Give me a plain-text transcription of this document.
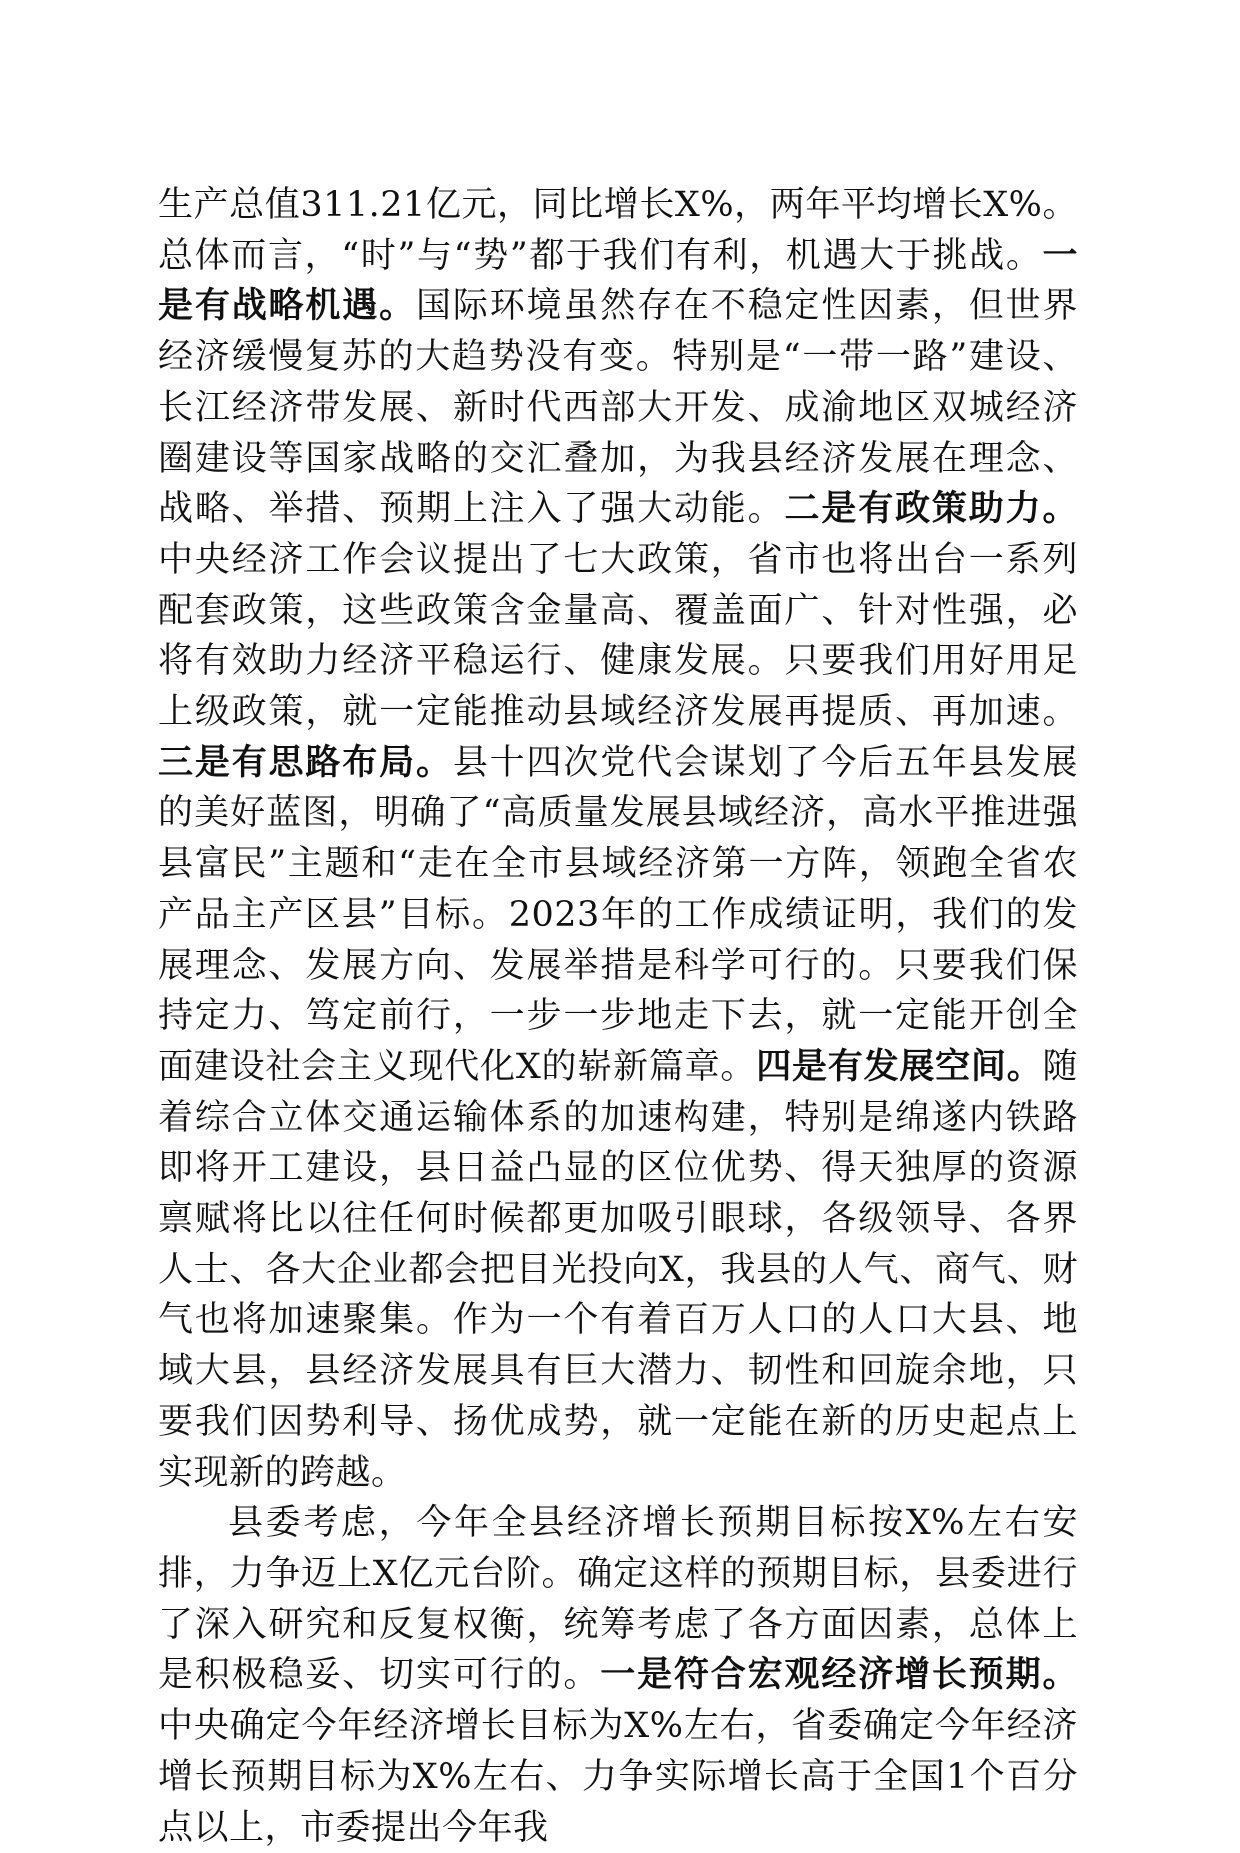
生产总值311.21亿元，同比增长X%，两年平均增长X%。总体而言，“时”与“势”都于我们有利，机遇大于挑战。一是有战略机遇。国际环境虽然存在不稳定性因素，但世界经济缓慢复苏的大趋势没有变。特别是“一带一路”建设、长江经济带发展、新时代西部大开发、成渝地区双城经济圈建设等国家战略的交汇叠加，为我县经济发展在理念、战略、举措、预期上注入了强大动能。二是有政策助力。中央经济工作会议提出了七大政策，省市也将出台一系列配套政策，这些政策含金量高、覆盖面广、针对性强，必将有效助力经济平稳运行、健康发展。只要我们用好用足上级政策，就一定能推动县域经济发展再提质、再加速。三是有思路布局。县十四次党代会谋划了今后五年县发展的美好蓝图，明确了“高质量发展县域经济，高水平推进强县富民”主题和“走在全市县域经济第一方阵，领跑全省农产品主产区县”目标。2023年的工作成绩证明，我们的发展理念、发展方向、发展举措是科学可行的。只要我们保持定力、笃定前行，一步一步地走下去，就一定能开创全面建设社会主义现代化X的崭新篇章。四是有发展空间。随着综合立体交通运输体系的加速构建，特别是绵遂内铁路即将开工建设，县日益凸显的区位优势、得天独厚的资源禀赋将比以往任何时候都更加吸引眼球，各级领导、各界人士、各大企业都会把目光投向X，我县的人气、商气、财气也将加速聚集。作为一个有着百万人口的人口大县、地域大县，县经济发展具有巨大潜力、韧性和回旋余地，只要我们因势利导、扬优成势，就一定能在新的历史起点上实现新的跨越。

县委考虑，今年全县经济增长预期目标按X%左右安排，力争迈上X亿元台阶。确定这样的预期目标，县委进行了深入研究和反复权衡，统筹考虑了各方面因素，总体上是积极稳妥、切实可行的。一是符合宏观经济增长预期。中央确定今年经济增长目标为X%左右，省委确定今年经济增长预期目标为X%左右、力争实际增长高于全国1个百分点以上，市委提出今年我
